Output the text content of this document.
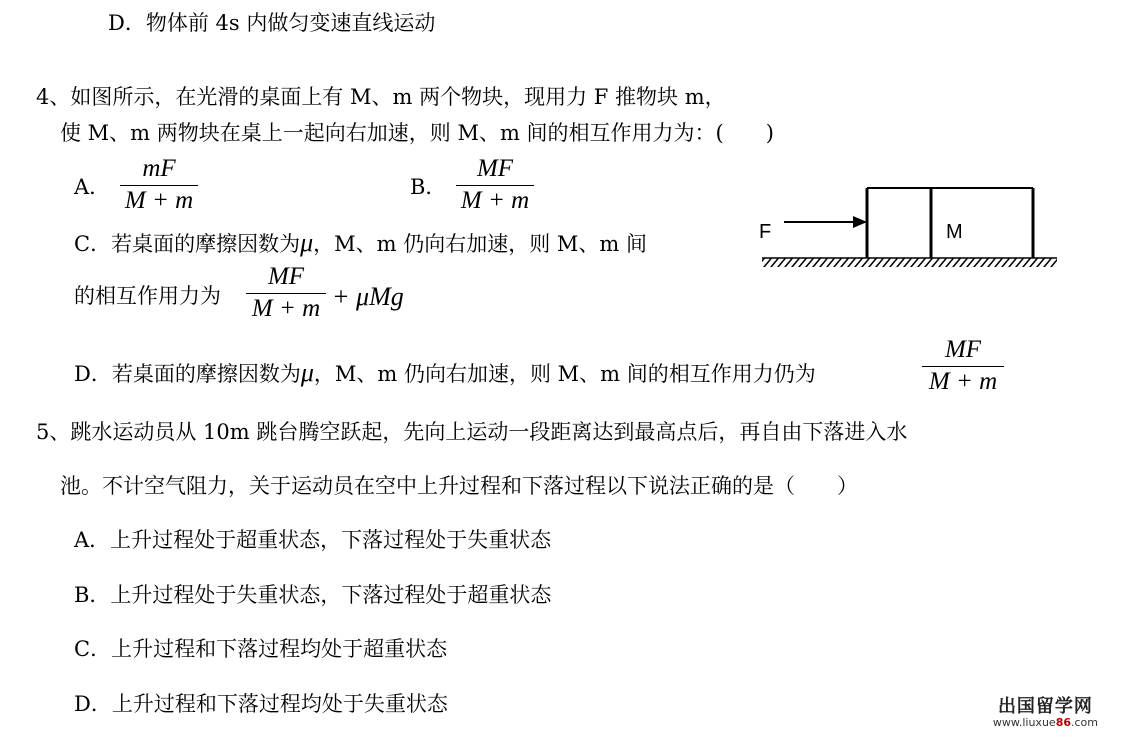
D．物体前 4s 内做匀变速直线运动
4、如图所示，在光滑的桌面上有 M、m 两个物块，现用力 F 推物块 m，
使 M、m 两物块在桌上一起向右加速，则 M、m 间的相互作用力为：(　　)
A．
mF
M + m
B．
MF
M + m
C．若桌面的摩擦因数为μ，M、m 仍向右加速，则 M、m 间
的相互作用力为
MF
M + m + μMg
D．若桌面的摩擦因数为μ，M、m 仍向右加速，则 M、m 间的相互作用力仍为
MF
M + m
F	M
5、跳水运动员从 10m 跳台腾空跃起，先向上运动一段距离达到最高点后，再自由下落进入水
池。不计空气阻力，关于运动员在空中上升过程和下落过程以下说法正确的是（　　）
A．上升过程处于超重状态，下落过程处于失重状态
B．上升过程处于失重状态，下落过程处于超重状态
C．上升过程和下落过程均处于超重状态
D．上升过程和下落过程均处于失重状态	出国留学网
www.liuxue86.com
